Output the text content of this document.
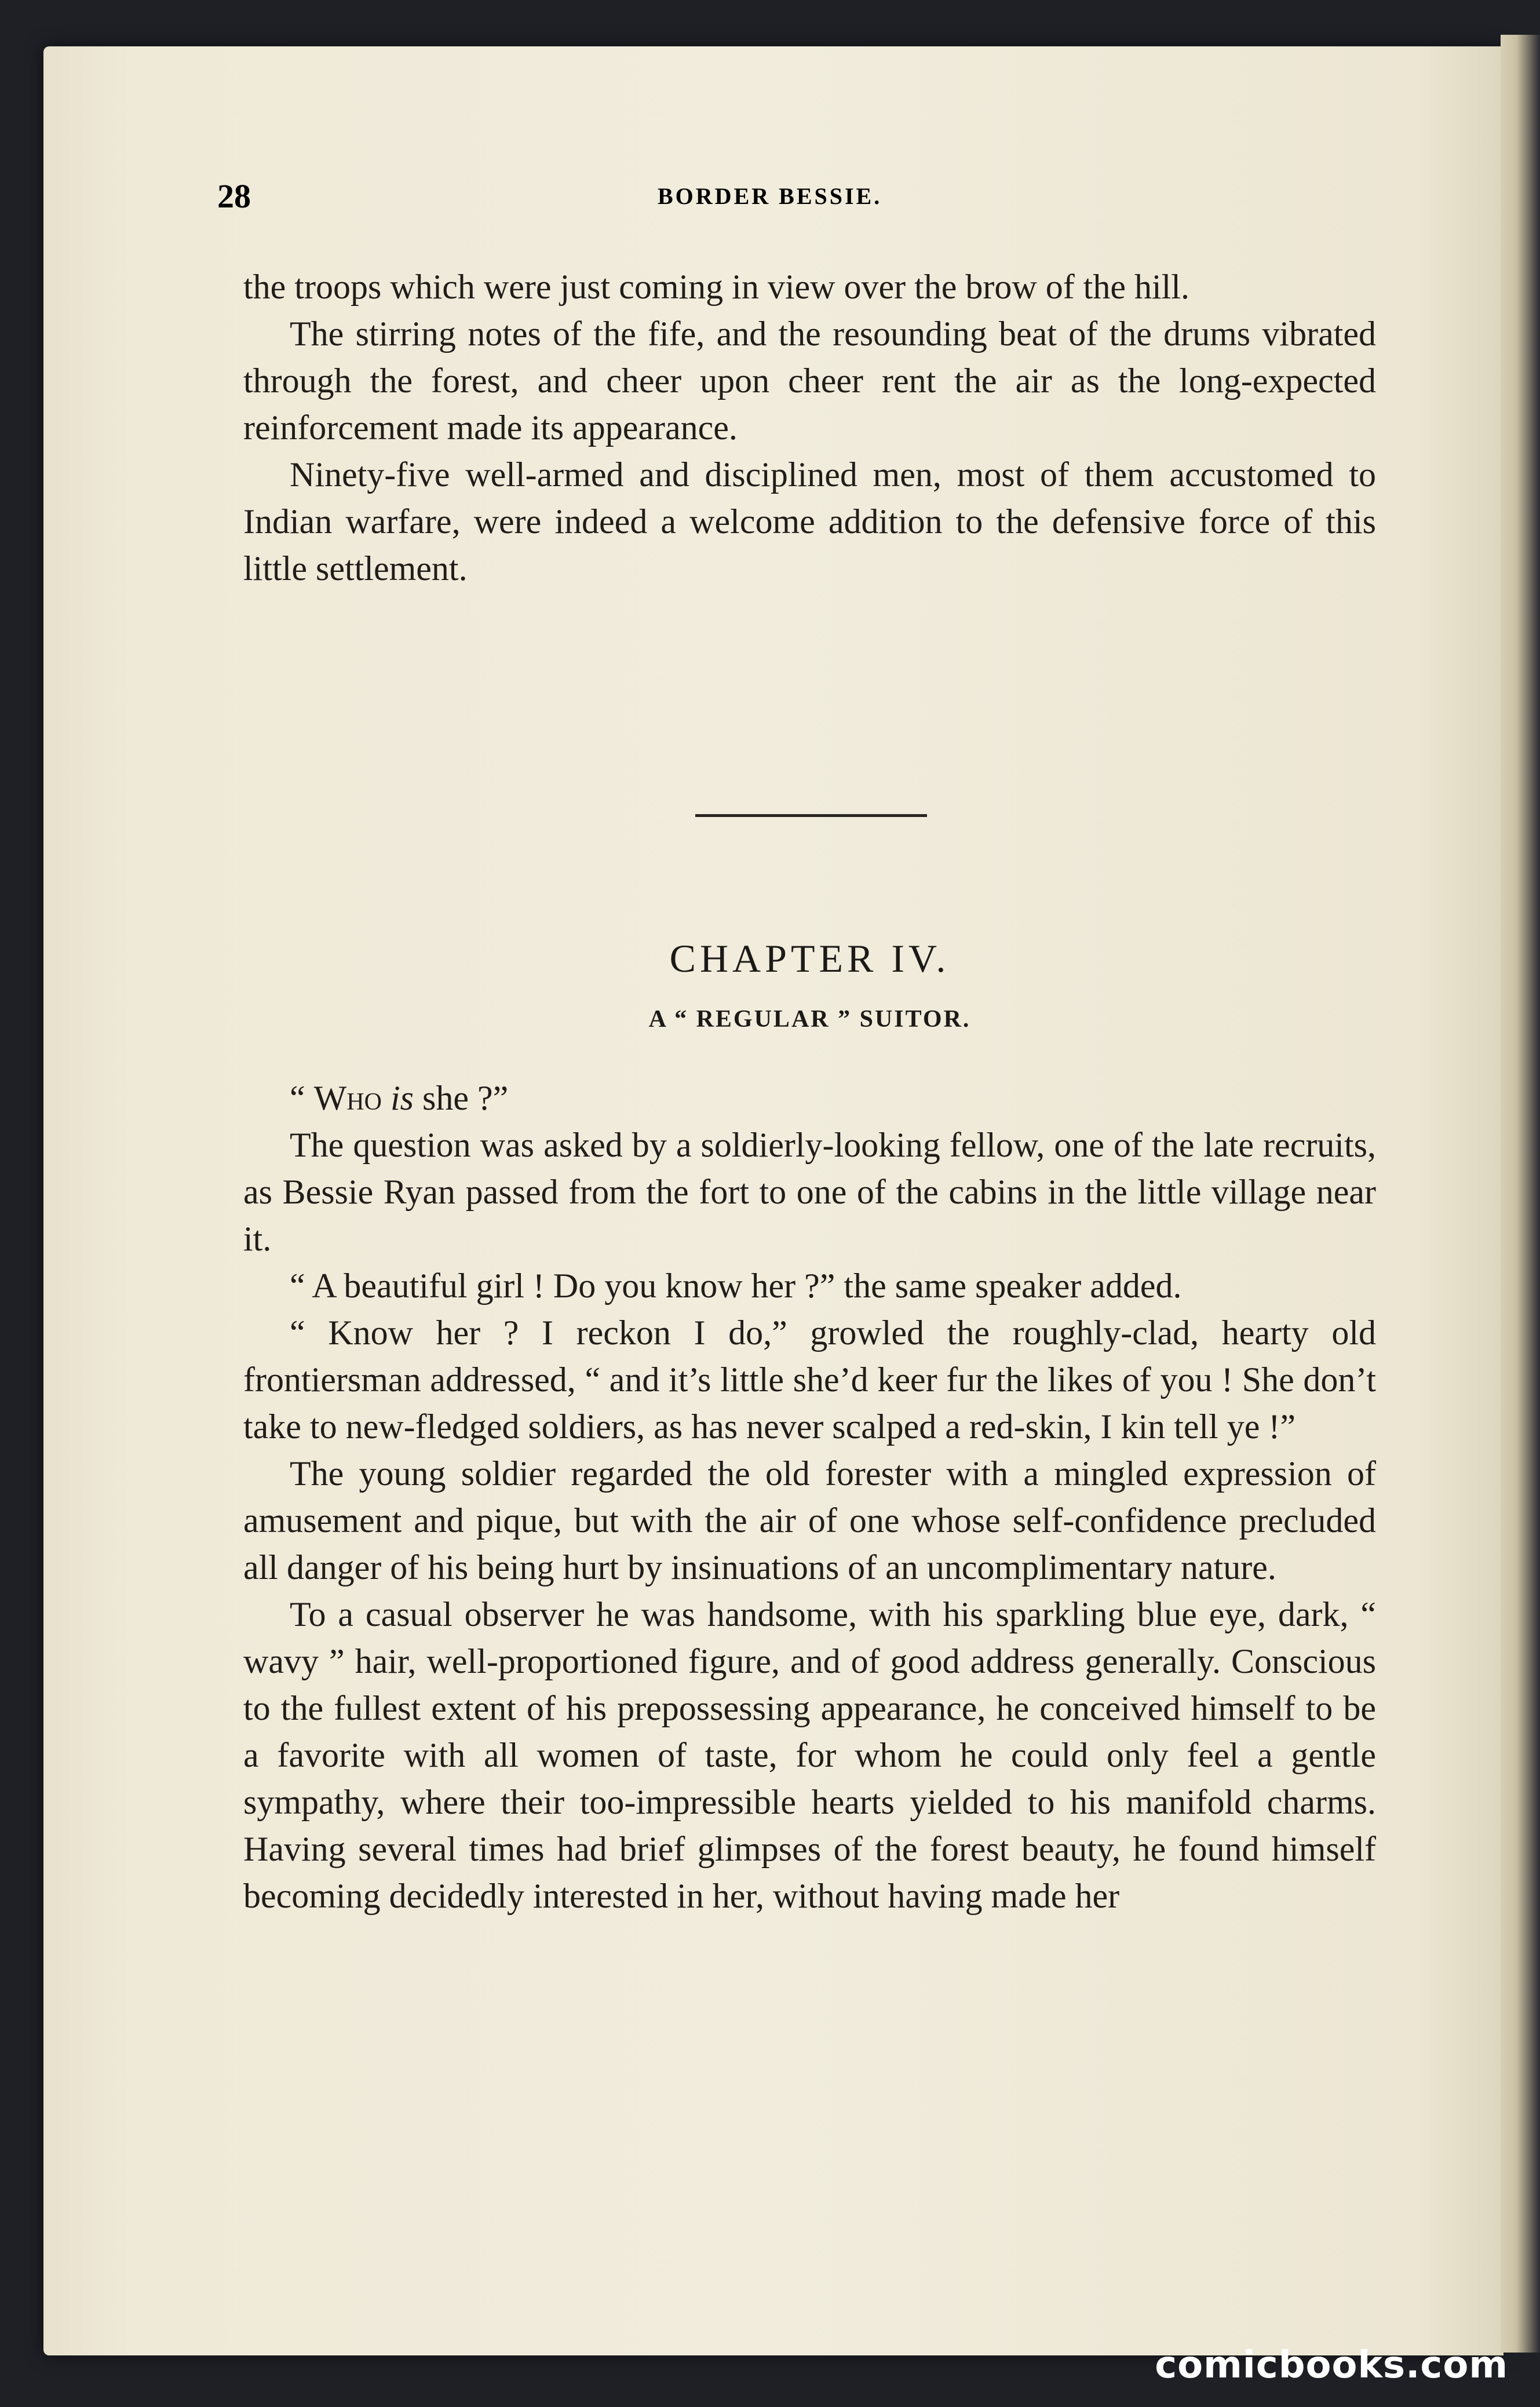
28	BORDER BESSIE.

the troops which were just coming in view over the brow of the hill.

The stirring notes of the fife, and the resounding beat of the drums vibrated through the forest, and cheer upon cheer rent the air as the long-expected reinforcement made its appearance.

Ninety-five well-armed and disciplined men, most of them accustomed to Indian warfare, were indeed a welcome addition to the defensive force of this little settlement.

CHAPTER IV.
A “ REGULAR ” SUITOR.

“ Who is she ?”

The question was asked by a soldierly-looking fellow, one of the late recruits, as Bessie Ryan passed from the fort to one of the cabins in the little village near it.

“ A beautiful girl ! Do you know her ?” the same speaker added.

“ Know her ? I reckon I do,” growled the roughly-clad, hearty old frontiersman addressed, “ and it’s little she’d keer fur the likes of you ! She don’t take to new-fledged soldiers, as has never scalped a red-skin, I kin tell ye !”

The young soldier regarded the old forester with a mingled expression of amusement and pique, but with the air of one whose self-confidence precluded all danger of his being hurt by insinuations of an uncomplimentary nature.

To a casual observer he was handsome, with his sparkling blue eye, dark, “ wavy ” hair, well-proportioned figure, and of good address generally. Conscious to the fullest extent of his prepossessing appearance, he conceived himself to be a favorite with all women of taste, for whom he could only feel a gentle sympathy, where their too-impressible hearts yielded to his manifold charms. Having several times had brief glimpses of the forest beauty, he found himself becoming decidedly interested in her, without having made her

comicbooks.com
